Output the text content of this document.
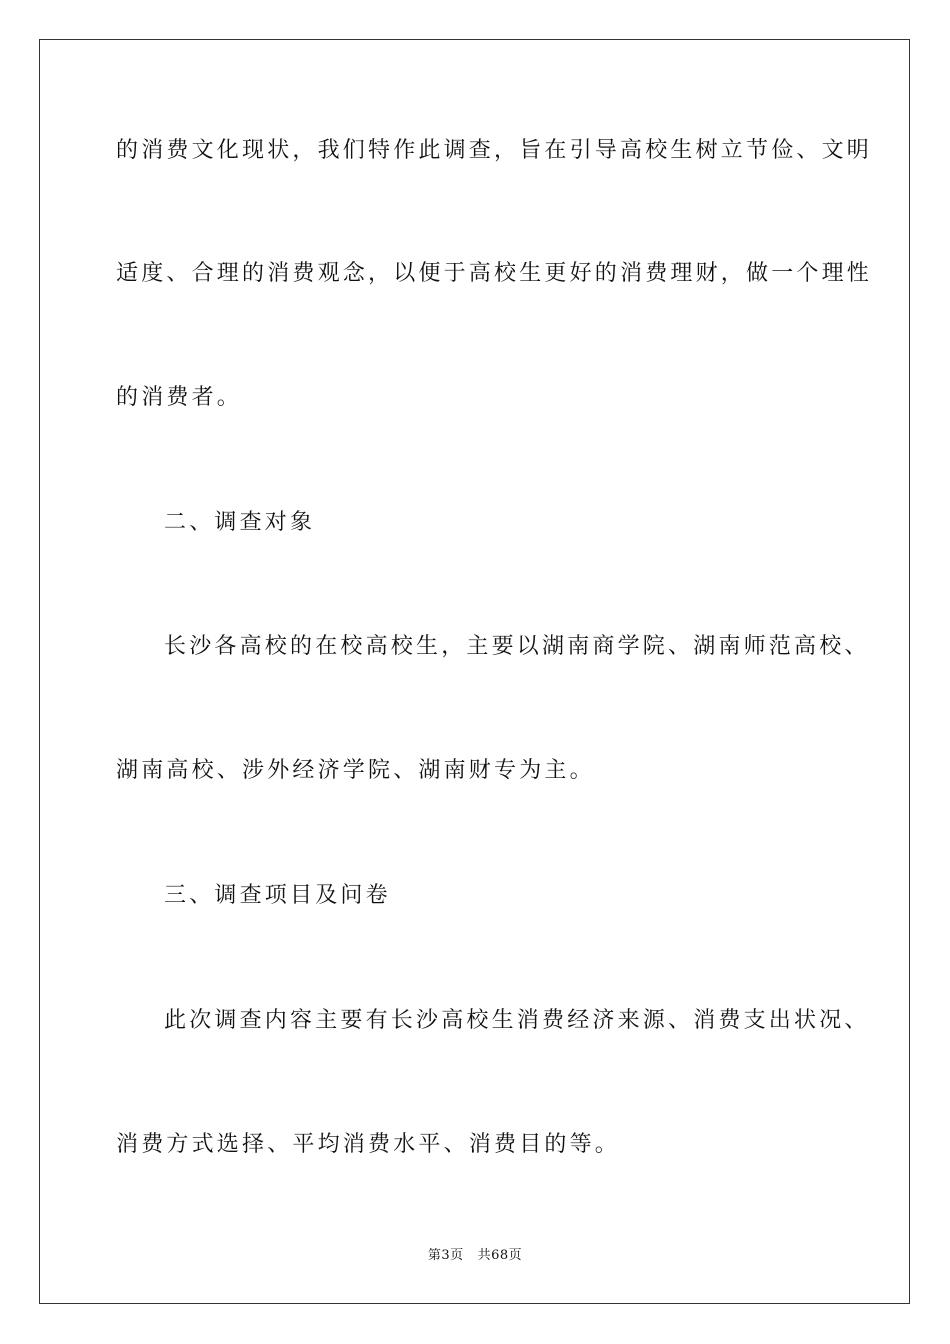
的消费文化现状，我们特作此调查，旨在引导高校生树立节俭、文明
适度、合理的消费观念，以便于高校生更好的消费理财，做一个理性
的消费者。
二、调查对象
长沙各高校的在校高校生，主要以湖南商学院、湖南师范高校、
湖南高校、涉外经济学院、湖南财专为主。
三、调查项目及问卷
此次调查内容主要有长沙高校生消费经济来源、消费支出状况、
消费方式选择、平均消费水平、消费目的等。
第3页 共68页
